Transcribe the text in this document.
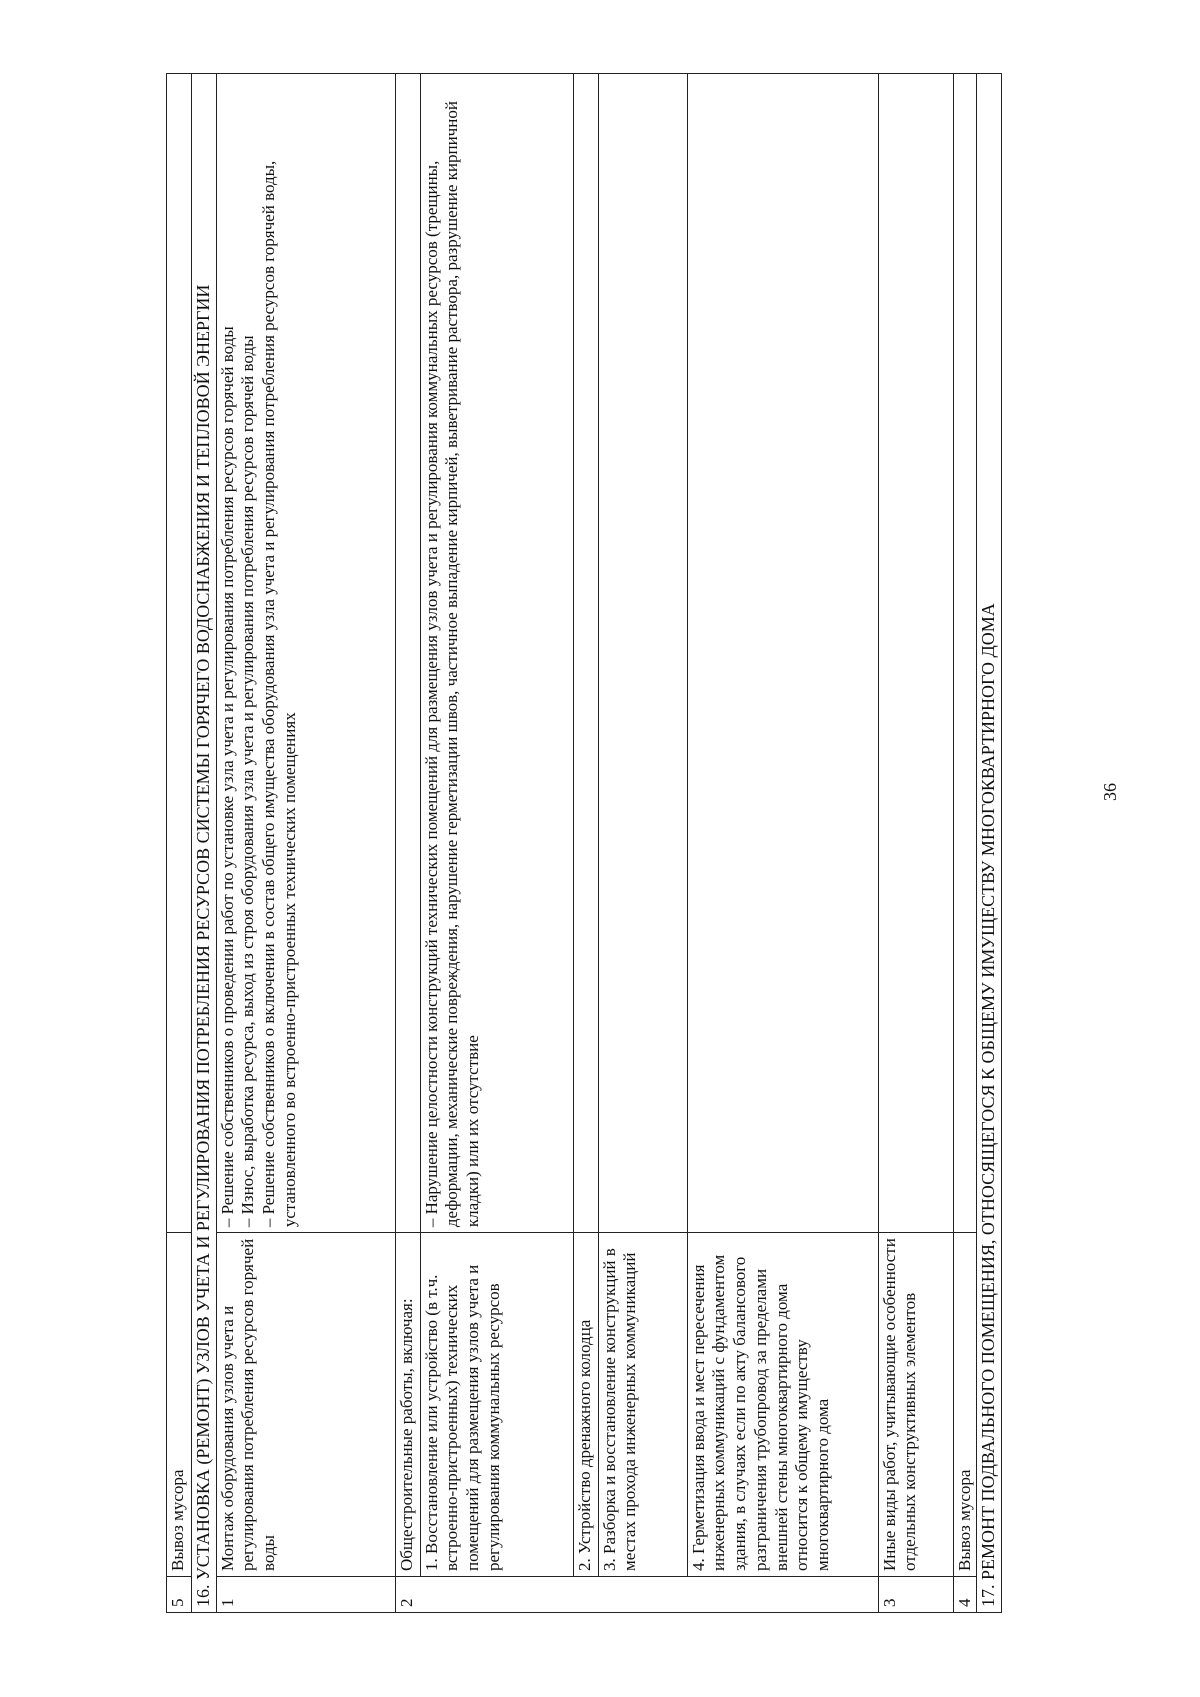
36
5	Вывоз мусора	
16. УСТАНОВКА (РЕМОНТ) УЗЛОВ УЧЕТА И РЕГУЛИРОВАНИЯ ПОТРЕБЛЕНИЯ РЕСУРСОВ СИСТЕМЫ ГОРЯЧЕГО ВОДОСНАБЖЕНИЯ И ТЕПЛОВОЙ ЭНЕРГИИ		
1	Монтаж оборудования узлов учета и регулирования потребления ресурсов горячей воды	– Решение собственников о проведении работ по установке узла учета и регулирования потребления ресурсов горячей воды – Износ, выработка ресурса, выход из строя оборудования узла учета и регулирования потребления ресурсов горячей воды – Решение собственников о включении в состав общего имущества оборудования узла учета и регулирования потребления ресурсов горячей воды, установленного во встроенно-пристроенных технических помещениях

2	Общестроительные работы, включая:	
	1. Восстановление или устройство (в т.ч. встроенно-пристроенных) технических помещений для размещения узлов учета и регулирования коммунальных ресурсов	– Нарушение целостности конструкций технических помещений для размещения узлов учета и регулирования коммунальных ресурсов (трещины, деформации, механические повреждения, нарушение герметизации швов, частичное выпадение кирпичей, выветривание раствора, разрушение кирпичной кладки) или их отсутствие
	2. Устройство дренажного колодца	
	3. Разборка и восстановление конструкций в местах прохода инженерных коммуникаций	
	4. Герметизация ввода и мест пересечения инженерных коммуникаций с фундаментом здания, в случаях если по акту балансового разграничения трубопровод за пределами внешней стены многоквартирного дома относится к общему имуществу многоквартирного дома	
3	Иные виды работ, учитывающие особенности отдельных конструктивных элементов	
4	Вывоз мусора	
17. РЕМОНТ ПОДВАЛЬНОГО ПОМЕЩЕНИЯ, ОТНОСЯЩЕГОСЯ К ОБЩЕМУ ИМУЩЕСТВУ МНОГОКВАРТИРНОГО ДОМА		
